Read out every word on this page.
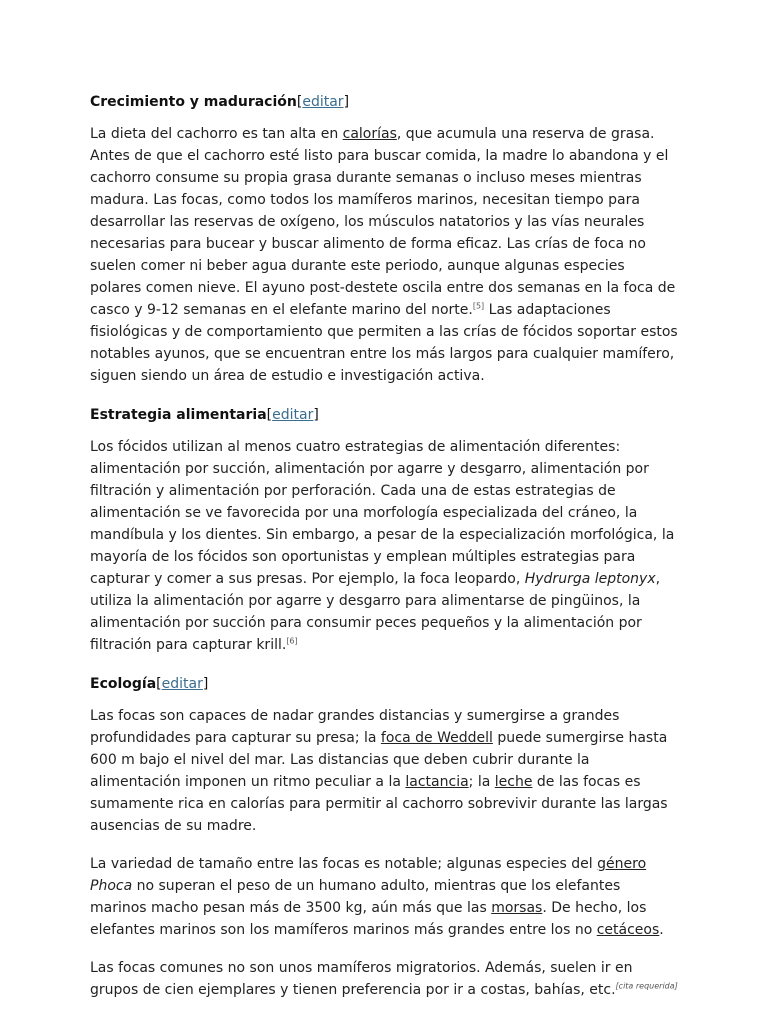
Crecimiento y maduración[editar]

La dieta del cachorro es tan alta en calorías, que acumula una reserva de grasa. Antes de que el cachorro esté listo para buscar comida, la madre lo abandona y el cachorro consume su propia grasa durante semanas o incluso meses mientras madura. Las focas, como todos los mamíferos marinos, necesitan tiempo para desarrollar las reservas de oxígeno, los músculos natatorios y las vías neurales necesarias para bucear y buscar alimento de forma eficaz. Las crías de foca no suelen comer ni beber agua durante este periodo, aunque algunas especies polares comen nieve. El ayuno post-destete oscila entre dos semanas en la foca de casco y 9-12 semanas en el elefante marino del norte.[5] Las adaptaciones fisiológicas y de comportamiento que permiten a las crías de fócidos soportar estos notables ayunos, que se encuentran entre los más largos para cualquier mamífero, siguen siendo un área de estudio e investigación activa.

Estrategia alimentaria[editar]

Los fócidos utilizan al menos cuatro estrategias de alimentación diferentes: alimentación por succión, alimentación por agarre y desgarro, alimentación por filtración y alimentación por perforación. Cada una de estas estrategias de alimentación se ve favorecida por una morfología especializada del cráneo, la mandíbula y los dientes. Sin embargo, a pesar de la especialización morfológica, la mayoría de los fócidos son oportunistas y emplean múltiples estrategias para capturar y comer a sus presas. Por ejemplo, la foca leopardo, Hydrurga leptonyx, utiliza la alimentación por agarre y desgarro para alimentarse de pingüinos, la alimentación por succión para consumir peces pequeños y la alimentación por filtración para capturar krill.[6]

Ecología[editar]

Las focas son capaces de nadar grandes distancias y sumergirse a grandes profundidades para capturar su presa; la foca de Weddell puede sumergirse hasta 600 m bajo el nivel del mar. Las distancias que deben cubrir durante la alimentación imponen un ritmo peculiar a la lactancia; la leche de las focas es sumamente rica en calorías para permitir al cachorro sobrevivir durante las largas ausencias de su madre.

La variedad de tamaño entre las focas es notable; algunas especies del género Phoca no superan el peso de un humano adulto, mientras que los elefantes marinos macho pesan más de 3500 kg, aún más que las morsas. De hecho, los elefantes marinos son los mamíferos marinos más grandes entre los no cetáceos.

Las focas comunes no son unos mamíferos migratorios. Además, suelen ir en grupos de cien ejemplares y tienen preferencia por ir a costas, bahías, etc.[cita requerida]
